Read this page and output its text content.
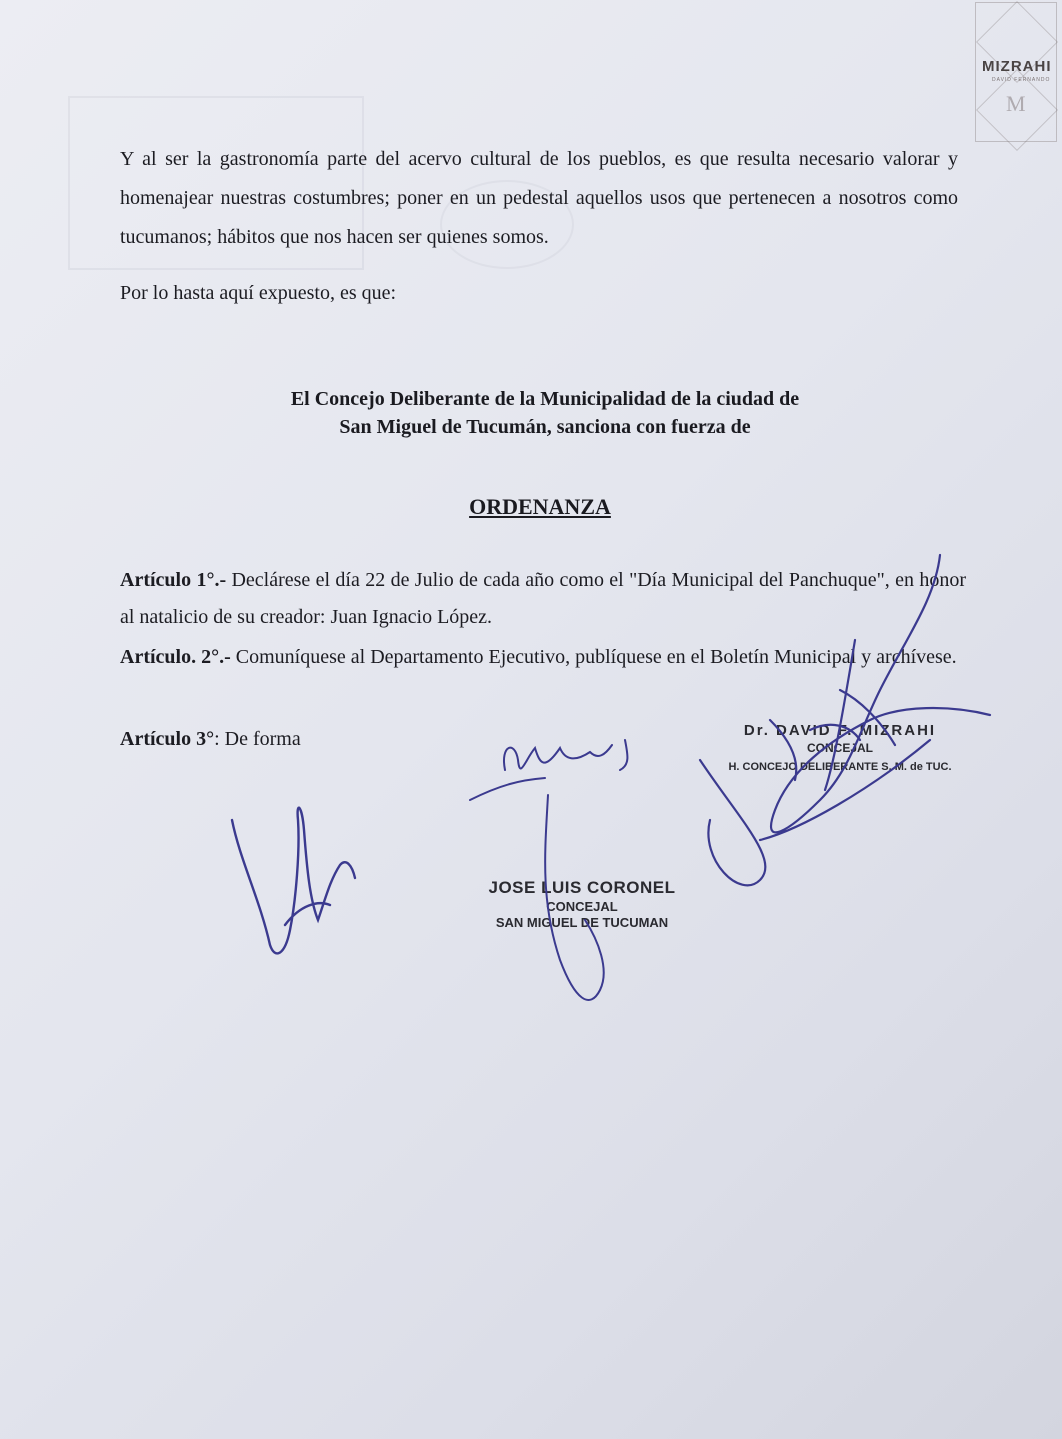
MIZRAHI
DAVID FERNANDO
M

Y al ser la gastronomía parte del acervo cultural de los pueblos, es que resulta necesario valorar y homenajear nuestras costumbres; poner en un pedestal aquellos usos que pertenecen a nosotros como tucumanos; hábitos que nos hacen ser quienes somos.

Por lo hasta aquí expuesto, es que:

El Concejo Deliberante de la Municipalidad de la ciudad de
San Miguel de Tucumán, sanciona con fuerza de
ORDENANZA

Artículo 1°.- Declárese el día 22 de Julio de cada año como el "Día Municipal del Panchuque", en honor al natalicio de su creador: Juan Ignacio López.

Artículo. 2°.- Comuníquese al Departamento Ejecutivo, publíquese en el Boletín Municipal y archívese.

Artículo 3°: De forma	Dr. DAVID F. MIZRAHI
CONCEJAL
H. CONCEJO DELIBERANTE S. M. de TUC.
JOSE LUIS CORONEL
CONCEJAL
SAN MIGUEL DE TUCUMAN
